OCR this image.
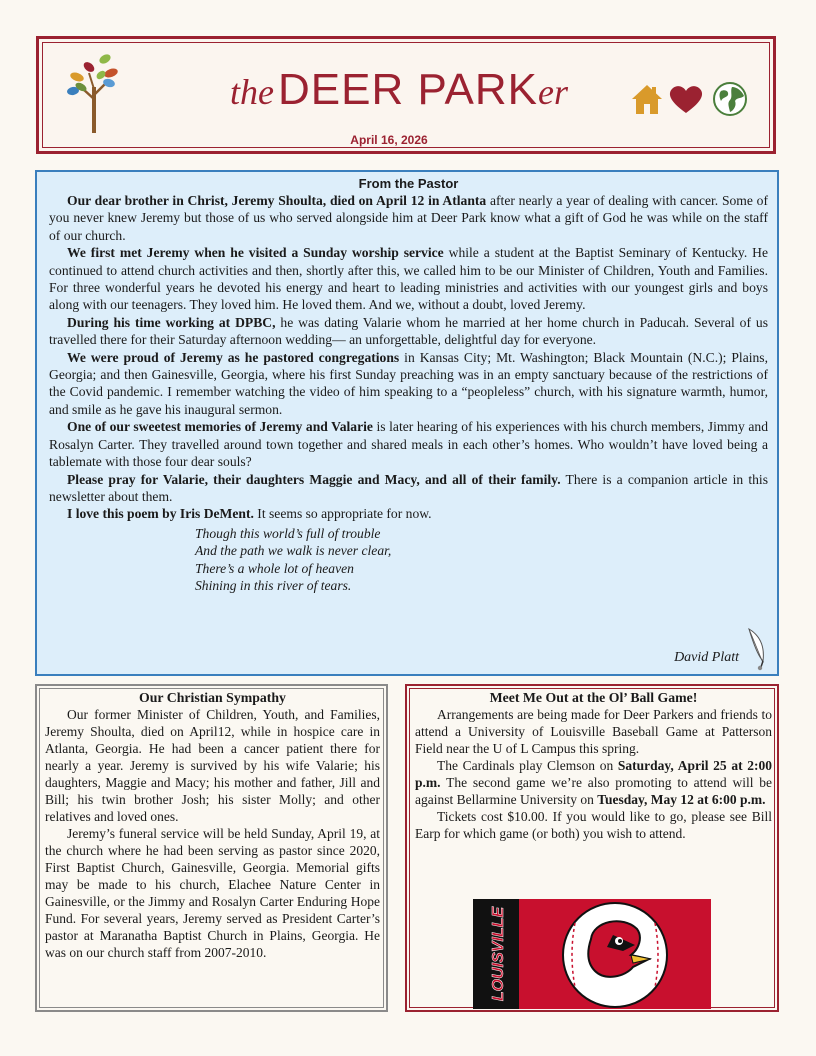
the DEER PARKer
April 16, 2026
From the Pastor

Our dear brother in Christ, Jeremy Shoulta, died on April 12 in Atlanta after nearly a year of dealing with cancer. Some of you never knew Jeremy but those of us who served alongside him at Deer Park know what a gift of God he was while on the staff of our church.

We first met Jeremy when he visited a Sunday worship service while a student at the Baptist Seminary of Kentucky. He continued to attend church activities and then, shortly after this, we called him to be our Minister of Children, Youth and Families. For three wonderful years he devoted his energy and heart to leading ministries and activities with our youngest girls and boys along with our teenagers. They loved him. He loved them. And we, without a doubt, loved Jeremy.

During his time working at DPBC, he was dating Valarie whom he married at her home church in Paducah. Several of us travelled there for their Saturday afternoon wedding— an unforgettable, delightful day for everyone.

We were proud of Jeremy as he pastored congregations in Kansas City; Mt. Washington; Black Mountain (N.C.); Plains, Georgia; and then Gainesville, Georgia, where his first Sunday preaching was in an empty sanctuary because of the restrictions of the Covid pandemic. I remember watching the video of him speaking to a “peopleless” church, with his signature warmth, humor, and smile as he gave his inaugural sermon.

One of our sweetest memories of Jeremy and Valarie is later hearing of his experiences with his church members, Jimmy and Rosalyn Carter. They travelled around town together and shared meals in each other’s homes. Who wouldn’t have loved being a tablemate with those four dear souls?

Please pray for Valarie, their daughters Maggie and Macy, and all of their family. There is a companion article in this newsletter about them.

I love this poem by Iris DeMent. It seems so appropriate for now.

Though this world’s full of trouble
And the path we walk is never clear,
There’s a whole lot of heaven
Shining in this river of tears.
David Platt
Our Christian Sympathy

Our former Minister of Children, Youth, and Families, Jeremy Shoulta, died on April12, while in hospice care in Atlanta, Georgia. He had been a cancer patient there for nearly a year. Jeremy is survived by his wife Valarie; his daughters, Maggie and Macy; his mother and father, Jill and Bill; his twin brother Josh; his sister Molly; and other relatives and loved ones.

Jeremy’s funeral service will be held Sunday, April 19, at the church where he had been serving as pastor since 2020, First Baptist Church, Gainesville, Georgia. Memorial gifts may be made to his church, Elachee Nature Center in Gainesville, or the Jimmy and Rosalyn Carter Enduring Hope Fund. For several years, Jeremy served as President Carter’s pastor at Maranatha Baptist Church in Plains, Georgia. He was on our church staff from 2007-2010.

Meet Me Out at the Ol’ Ball Game!

Arrangements are being made for Deer Parkers and friends to attend a University of Louisville Baseball Game at Patterson Field near the U of L Campus this spring.

The Cardinals play Clemson on Saturday, April 25 at 2:00 p.m. The second game we’re also promoting to attend will be against Bellarmine University on Tuesday, May 12 at 6:00 p.m.

Tickets cost $10.00. If you would like to go, please see Bill Earp for which game (or both) you wish to attend.

LOUISVILLE
